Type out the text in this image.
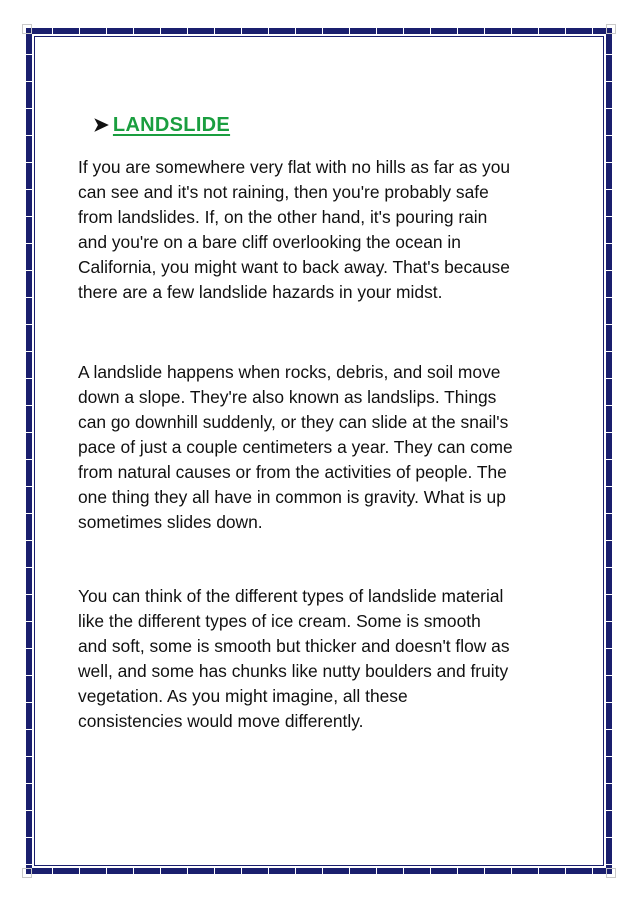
➤ LANDSLIDE

If you are somewhere very flat with no hills as far as you
can see and it's not raining, then you're probably safe
from landslides. If, on the other hand, it's pouring rain
and you're on a bare cliff overlooking the ocean in
California, you might want to back away. That's because
there are a few landslide hazards in your midst.

A landslide happens when rocks, debris, and soil move
down a slope. They're also known as landslips. Things
can go downhill suddenly, or they can slide at the snail's
pace of just a couple centimeters a year. They can come
from natural causes or from the activities of people. The
one thing they all have in common is gravity. What is up
sometimes slides down.

You can think of the different types of landslide material
like the different types of ice cream. Some is smooth
and soft, some is smooth but thicker and doesn't flow as
well, and some has chunks like nutty boulders and fruity
vegetation. As you might imagine, all these
consistencies would move differently.
